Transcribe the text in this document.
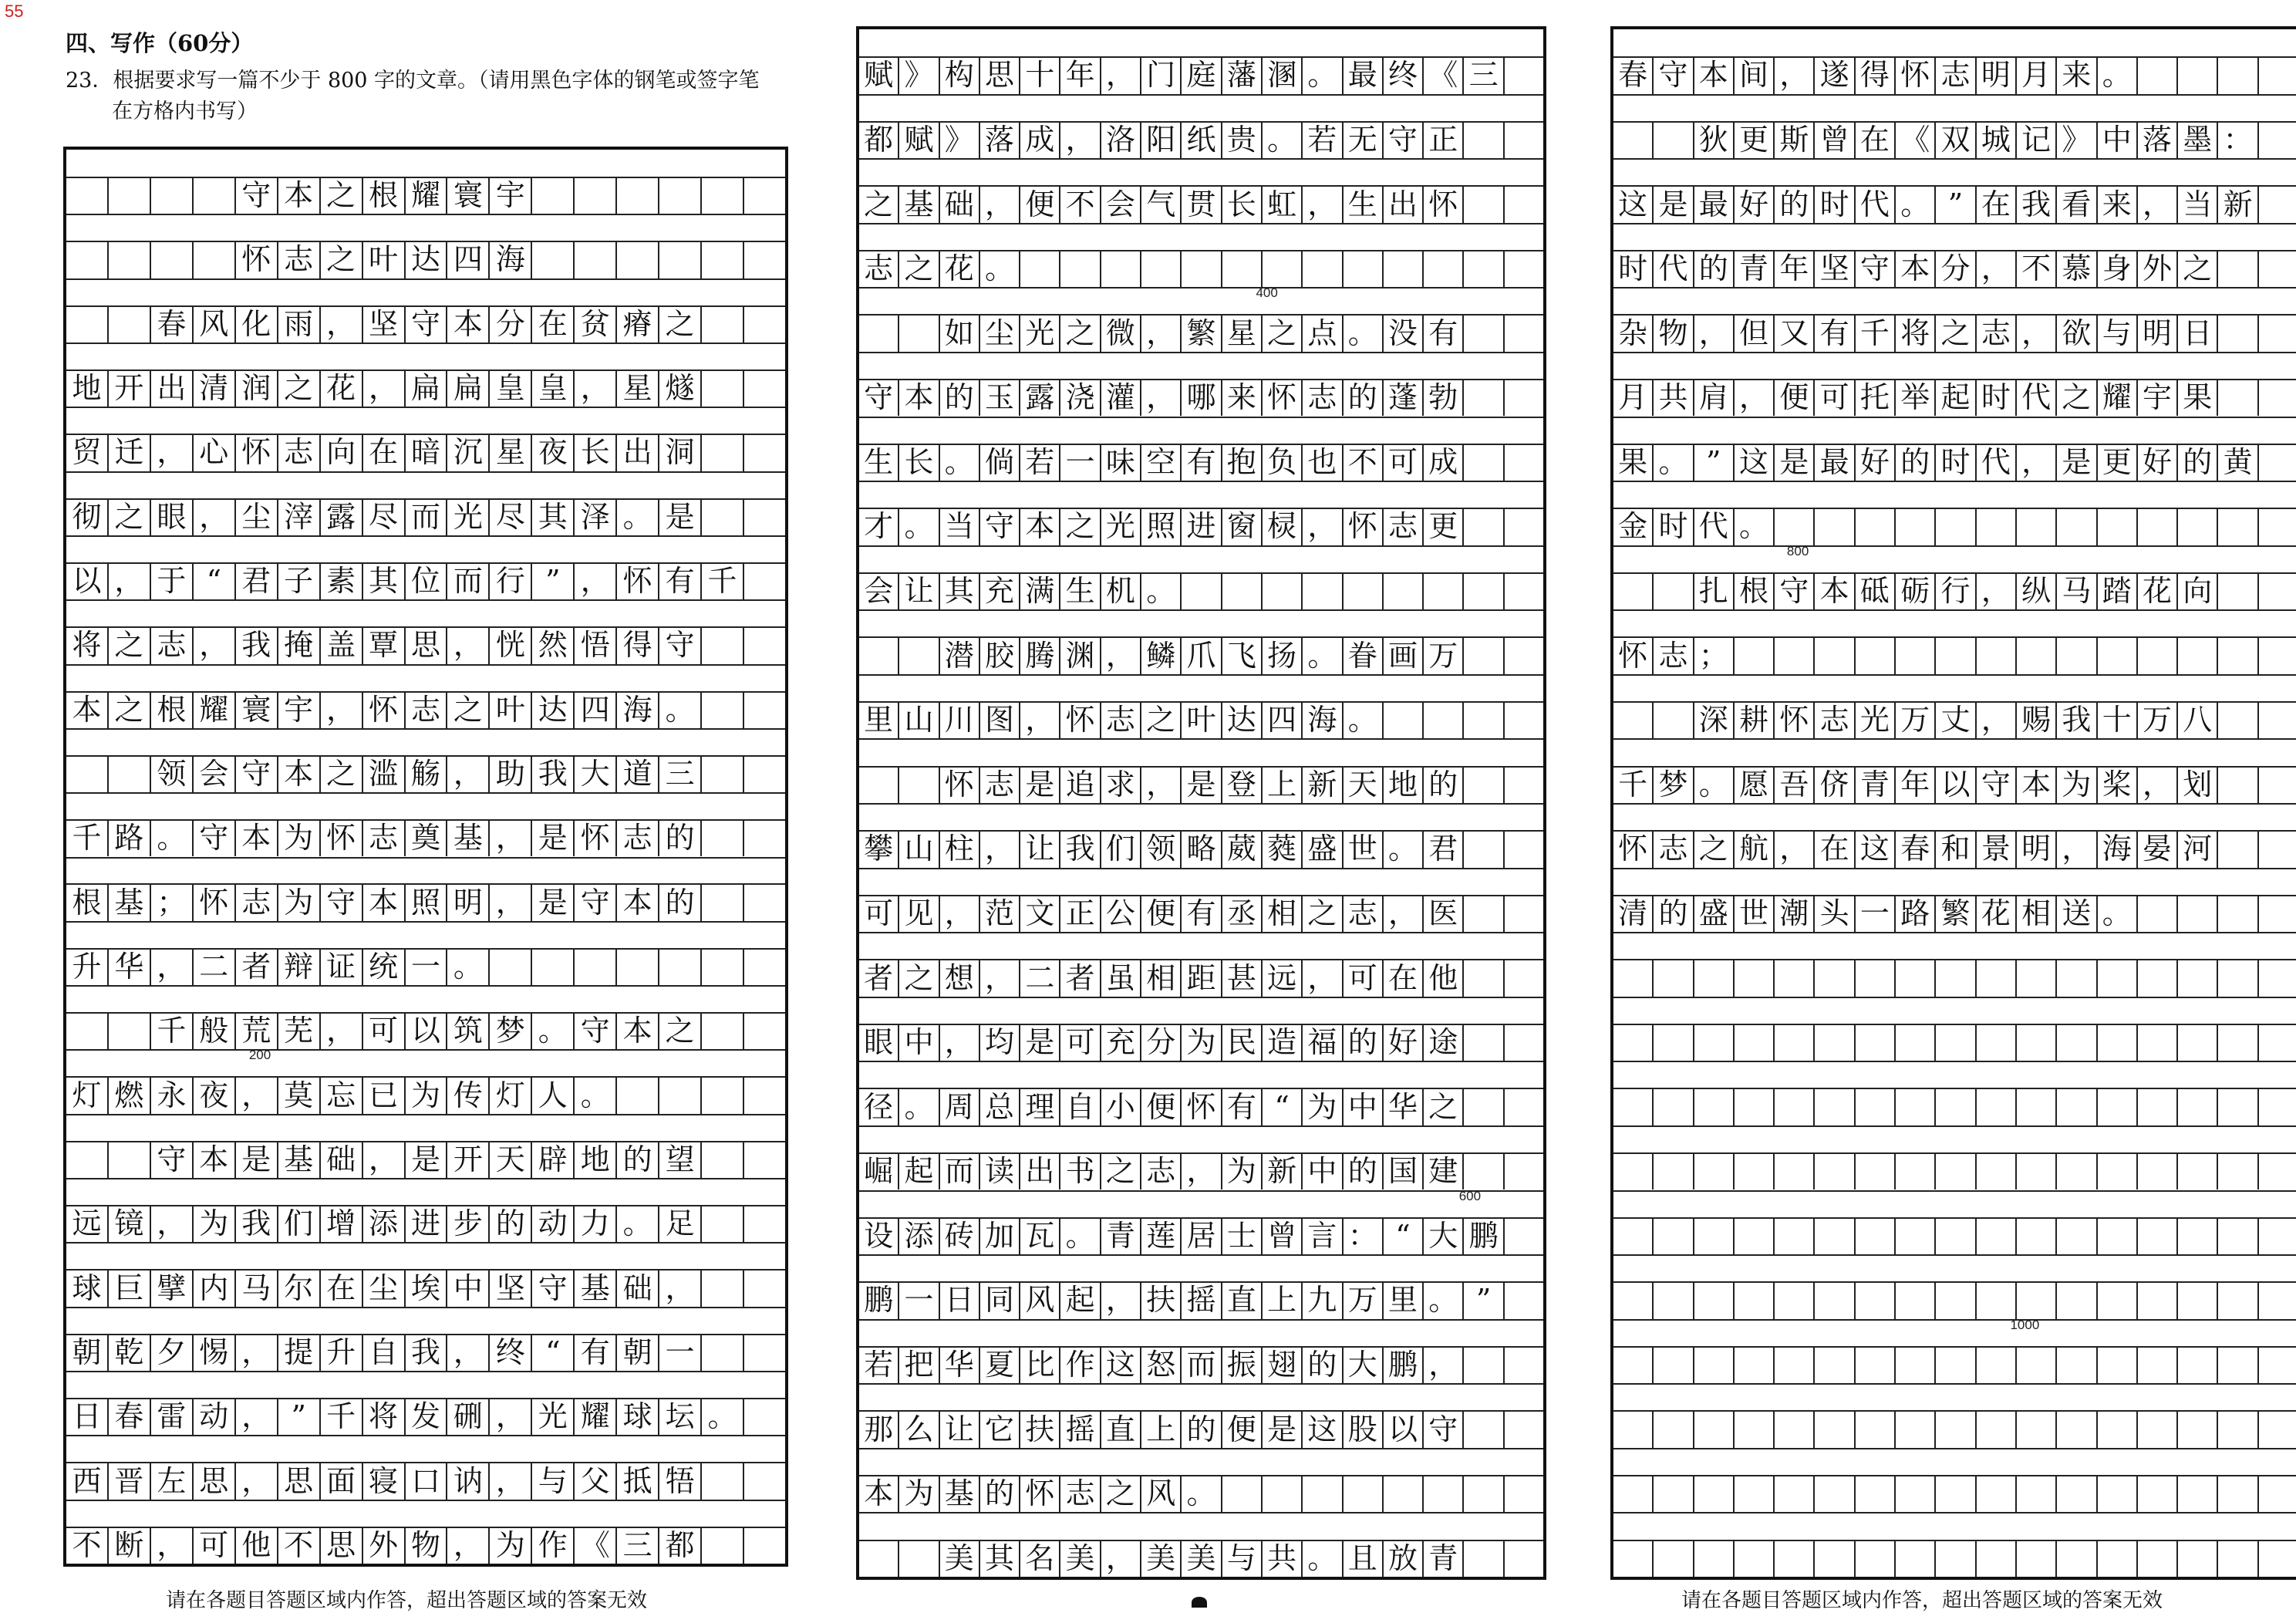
55
四、写作（60分）
23．根据要求写一篇不少于 800 字的文章。（请用黑色字体的钢笔或签字笔
在方格内书写）
守 本 之 根 耀 寰 宇
怀 志 之 叶 达 四 海
春 风 化 雨 ， 坚 守 本 分 在 贫 瘠 之
地 开 出 清 润 之 花 ， 扁 扁 皇 皇 ， 星 燧
贸 迁 ， 心 怀 志 向 在 暗 沉 星 夜 长 出 洞
彻 之 眼 ， 尘 滓 露 尽 而 光 尽 其 泽 。 是
以 ， 于 “ 君 子 素 其 位 而 行 ” ， 怀 有 千
将 之 志 ， 我 掩 盖 覃 思 ， 恍 然 悟 得 守
本 之 根 耀 寰 宇 ， 怀 志 之 叶 达 四 海 。
领 会 守 本 之 滥 觞 ， 助 我 大 道 三
千 路 。 守 本 为 怀 志 奠 基 ， 是 怀 志 的
根 基 ； 怀 志 为 守 本 照 明 ， 是 守 本 的
升 华 ， 二 者 辩 证 统 一 。
千 般 荒 芜 ， 可 以 筑 梦 。 守 本 之
灯 燃 永 夜 ， 莫 忘 已 为 传 灯 人 。
守 本 是 基 础 ， 是 开 天 辟 地 的 望
远 镜 ， 为 我 们 增 添 进 步 的 动 力 。 足
球 巨 擘 内 马 尔 在 尘 埃 中 坚 守 基 础 ，
朝 乾 夕 惕 ， 提 升 自 我 ， 终 “ 有 朝 一
日 春 雷 动 ， ” 千 将 发 硎 ， 光 耀 球 坛 。
西 晋 左 思 ， 思 面 寝 口 讷 ， 与 父 抵 牾
不 断 ， 可 他 不 思 外 物 ， 为 作 《 三 都
200
赋 》 构 思 十 年 ， 门 庭 藩 溷 。 最 终 《 三
都 赋 》 落 成 ， 洛 阳 纸 贵 。 若 无 守 正
之 基 础 ， 便 不 会 气 贯 长 虹 ， 生 出 怀
志 之 花 。
如 尘 光 之 微 ， 繁 星 之 点 。 没 有
守 本 的 玉 露 浇 灌 ， 哪 来 怀 志 的 蓬 勃
生 长 。 倘 若 一 味 空 有 抱 负 也 不 可 成
才 。 当 守 本 之 光 照 进 窗 棂 ， 怀 志 更
会 让 其 充 满 生 机 。
潜 胶 腾 渊 ， 鳞 爪 飞 扬 。 眷 画 万
里 山 川 图 ， 怀 志 之 叶 达 四 海 。
怀 志 是 追 求 ， 是 登 上 新 天 地 的
攀 山 柱 ， 让 我 们 领 略 葳 蕤 盛 世 。 君
可 见 ， 范 文 正 公 便 有 丞 相 之 志 ， 医
者 之 想 ， 二 者 虽 相 距 甚 远 ， 可 在 他
眼 中 ， 均 是 可 充 分 为 民 造 福 的 好 途
径 。 周 总 理 自 小 便 怀 有 “ 为 中 华 之
崛 起 而 读 出 书 之 志 ， 为 新 中 的 国 建
设 添 砖 加 瓦 。 青 莲 居 士 曾 言 ： “ 大 鹏
鹏 一 日 同 风 起 ， 扶 摇 直 上 九 万 里 。 ”
若 把 华 夏 比 作 这 怒 而 振 翅 的 大 鹏 ，
那 么 让 它 扶 摇 直 上 的 便 是 这 股 以 守
本 为 基 的 怀 志 之 风 。
美 其 名 美 ， 美 美 与 共 。 且 放 青
400
600
春 守 本 间 ， 遂 得 怀 志 明 月 来 。
狄 更 斯 曾 在 《 双 城 记 》 中 落 墨 ：
这 是 最 好 的 时 代 。 ” 在 我 看 来 ， 当 新
时 代 的 青 年 坚 守 本 分 ， 不 慕 身 外 之
杂 物 ， 但 又 有 千 将 之 志 ， 欲 与 明 日
月 共 肩 ， 便 可 托 举 起 时 代 之 耀 宇 果
果 。 ” 这 是 最 好 的 时 代 ， 是 更 好 的 黄
金 时 代 。
扎 根 守 本 砥 砺 行 ， 纵 马 踏 花 向
怀 志 ；
深 耕 怀 志 光 万 丈 ， 赐 我 十 万 八
千 梦 。 愿 吾 侪 青 年 以 守 本 为 桨 ， 划
怀 志 之 航 ， 在 这 春 和 景 明 ， 海 晏 河
清 的 盛 世 潮 头 一 路 繁 花 相 送 。
800
1000
请在各题目答题区域内作答，超出答题区域的答案无效	请在各题目答题区域内作答，超出答题区域的答案无效
